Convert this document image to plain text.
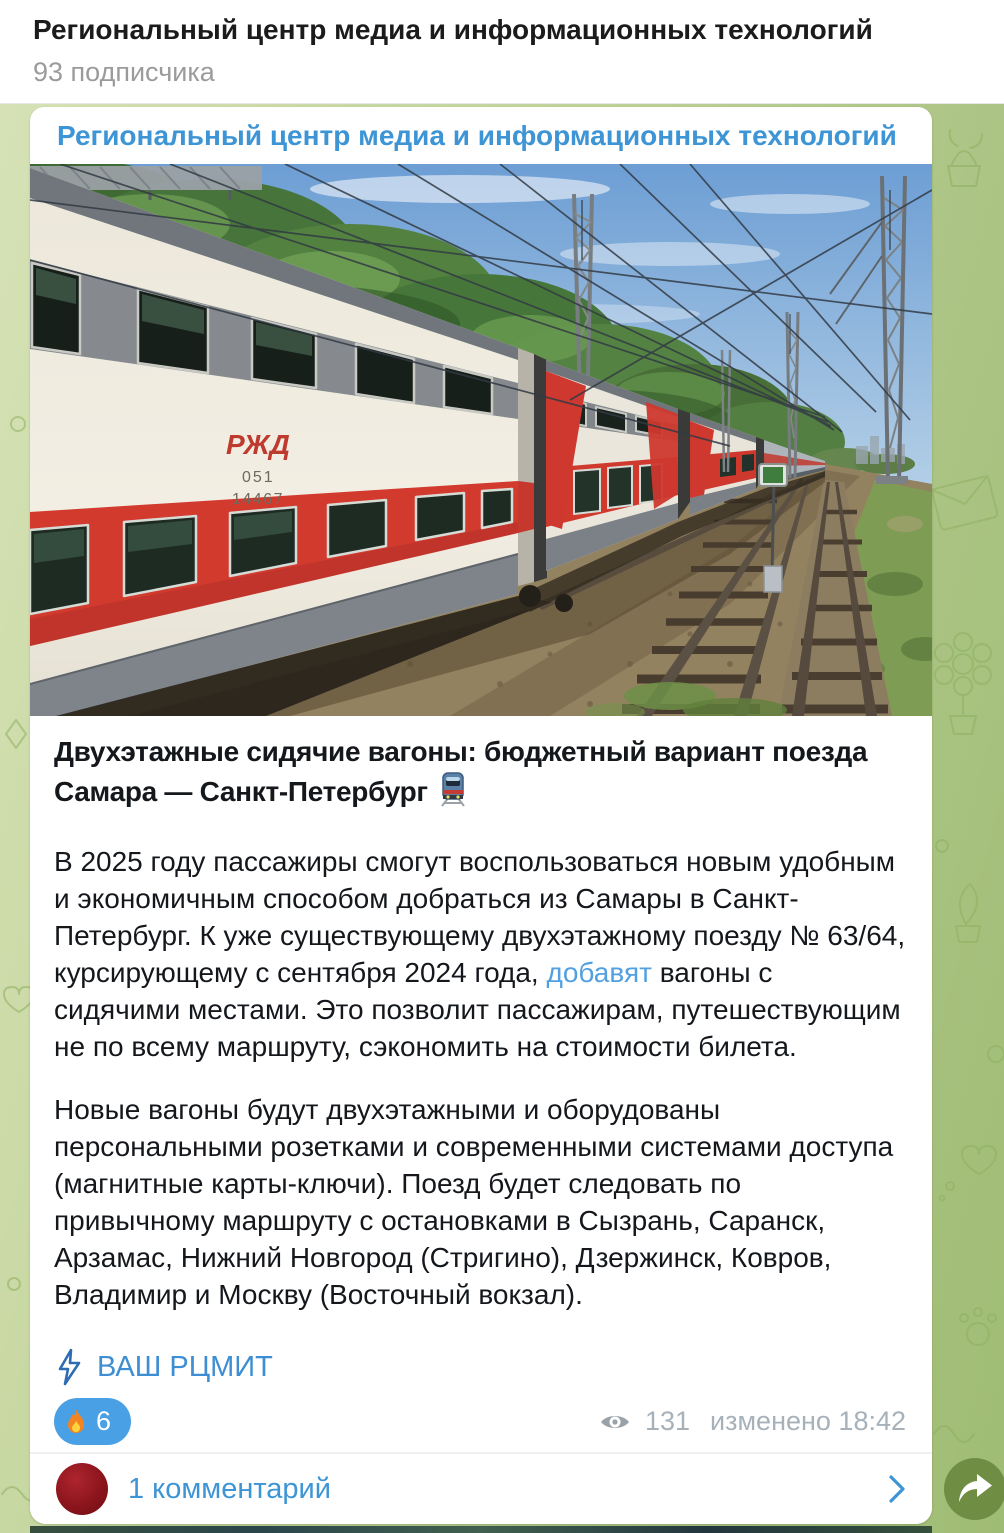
Региональный центр медиа и информационных технологий
93 подписчика
Региональный центр медиа и информационных технологий
РЖД
051
14467
Двухэтажные сидячие вагоны: бюджетный вариант поезда Самара — Санкт-Петербург

В 2025 году пассажиры смогут воспользоваться новым удобным и экономичным способом добраться из Самары в Санкт-Петербург. К уже существующему двухэтажному поезду № 63/64, курсирующему с сентября 2024 года, добавят вагоны с сидячими местами. Это позволит пассажирам, путешествующим не по всему маршруту, сэкономить на стоимости билета.

Новые вагоны будут двухэтажными и оборудованы персональными розетками и современными системами доступа (магнитные карты-ключи). Поезд будет следовать по привычному маршруту с остановками в Сызрань, Саранск, Арзамас, Нижний Новгород (Стригино), Дзержинск, Ковров, Владимир и Москву (Восточный вокзал).

ВАШ РЦМИТ
6	131 изменено 18:42
1 комментарий
